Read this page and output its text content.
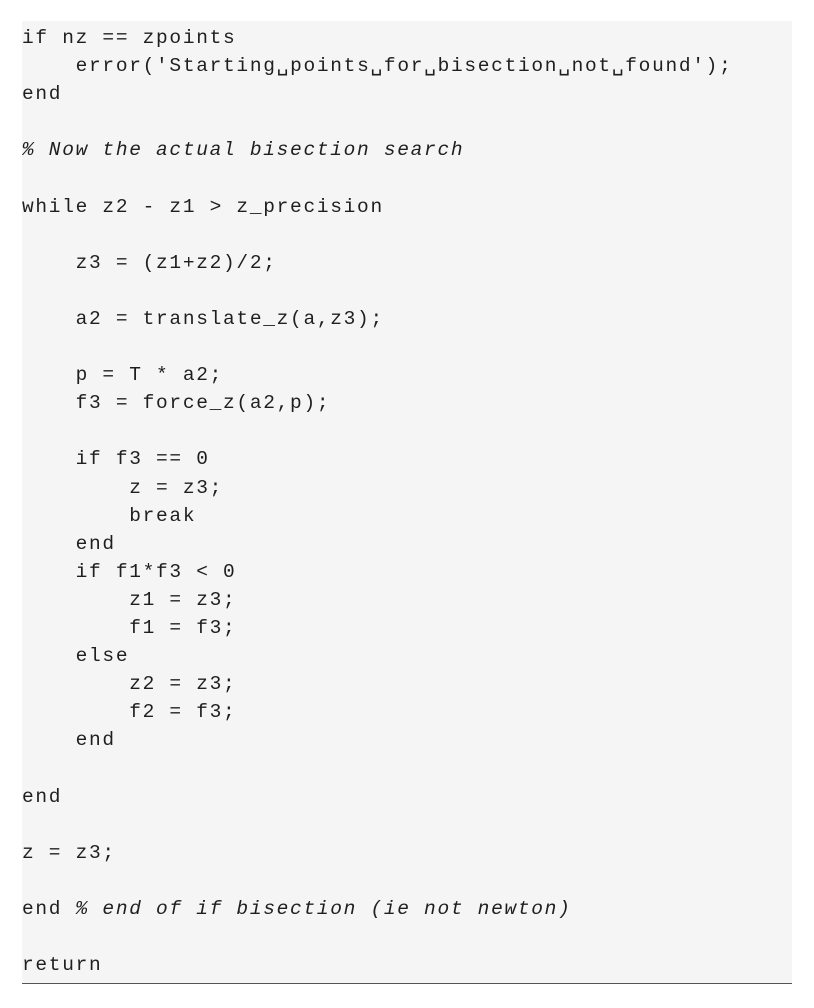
if nz == zpoints
error('Starting␣points␣for␣bisection␣not␣found');
end
% Now the actual bisection search
while z2 - z1 > z_precision
z3 = (z1+z2)/2;
a2 = translate_z(a,z3);
p = T * a2;
f3 = force_z(a2,p);
if f3 == 0
z = z3;
break
end
if f1*f3 < 0
z1 = z3;
f1 = f3;
else
z2 = z3;
f2 = f3;
end
end
z = z3;
end % end of if bisection (ie not newton)
return
